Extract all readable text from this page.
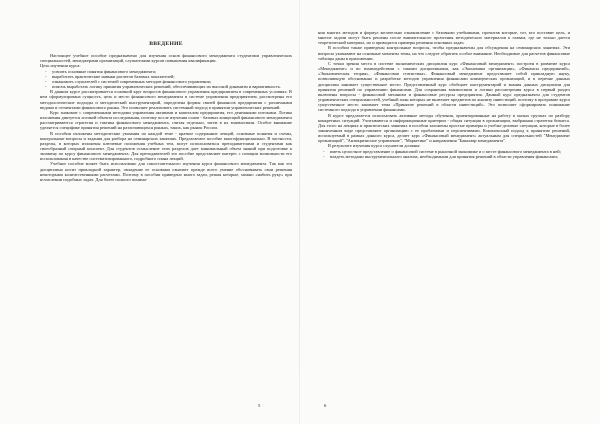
ВВЕДЕНИЕ

Настоящее учебное пособие предназначено для изучения основ финансового менеджмента студентами управленческих специальностей, менеджерами организаций, слушателями курсов повышения квалификации.

Цель изучения курса:

- усвоить основные понятия финансового менеджмента;
- выработать практические навыки расчетов базовых показателей;
- ознакомить слушателей с системой современных методов финансового управления;
- помочь выработать логику принятия управленческих решений, обеспечивающих их высокой динамизм и вариативность.

В данном курсе рассматривается основной круг вопросов финансового управления предприятием в современных условиях. В нем сформулирована сущность, цель и место финансового менеджмента в системе управления предприятием, рассмотрены его методологические подходы и методический инструментарий, определена формы связей финансов предприятия с различными видами и сегментами финансового рынка. Это позволяет реализовать системный подход в принятии управленческих решений.

Курс знакомит с современными методами управления активами и капиталом предприятия, его денежными потоками. Логика изложения диктуется логикой объекта исследования, поэтому после изучения основ - базовых концепций финансового менеджмента рассматриваются стратегия и тактика финансового менеджмента, считая отдельно, затем в их взаимосвязи. Особое внимание уделяется специфике принятия решений на различающихся рынках, таких, как рынок России.

В пособии изложены методические указания по каждой теме - краткое содержание лекций, основные понятия и схемы, контрольные вопросы и задания для разбора на семинарских занятиях. Предлагаемое пособие многофункционально. В частности, разделы, в которых изложены ключевые положения учебных тем, могут использоваться преподавателями и студентами как своеобразный опорный конспект. Для студентов осмысление этих разделов дает минимальный объем знаний при подготовке к экзамену по курсу финансового менеджмента. Для преподавателей это пособие представляет интерес с позиции возможности его использования в качестве систематизированного, подробного плана лекций.

Учебное пособие может быть использовано для самостоятельного изучения курса финансового менеджмента. Так как эта дисциплина носит прикладной характер, овладение ее основами означает прежде всего умение обосновывать свои решения некоторыми количественными расчетами. Поэтому в пособии приведено много задач, решая которые, можно «набить руку» при исчислении подобных задач. Для более полного понима-

5

ния многих методов и формул желательно ознакомление с базовыми учебниками, прочитав которые, тот, кто поставит цель, и многие задачи могут быть решены после внимательного прочтения методических материалов к главам, где не только дается теоретический материал, но и приводятся примеры решения основных задач.

В пособии также приведены контрольные вопросы, чтобы предназначены для обсуждения на семинарских занятиях. Эти вопросы указывают на основные моменты темы, на что следует обратить особое внимание. Необходимые для расчетов финансовые таблицы даны в приложении.

С точки зрения места в системе экономических дисциплин курс «Финансовый менеджмент» построен в развитие курса «Менеджмент» и во взаимодействии с такими дисциплинами, как «Экономика организации», «Финансы предприятий», «Экономическая теория», «Финансовая статистика». Финансовый менеджмент представляет собой прикладную науку, позволяющую обоснованно и разработке методов управления финансами коммерческих организаций, и в перечне данных дисциплин занимает существенное место. Представленный курс обобщает инструментарий и знания данных дисциплин для принятия решений по управлению финансами. Для сохранения взаимосвязи и логики рассмотрения курса в первый раздел включены вопросы - финансовой механизм и финансовые ресурсы предприятия. Данный курс предназначен для студентов управленческих специальностей, учебный план которых не включает предметов по анализу инвестиций, поэтому в программе курса существенное место занимает тема «Принятие решений в области инвестиций». Это позволяет сформировать понимание системного подхода в управлении финансами.

В курсе предлагается использовать активные методы обучения, ориентированные на работу в малых группах по разбору конкретных ситуаций. Учитываются и информационные критерии - общая ситуация в организации, выбранная стратегия бизнеса. Для этого на лекциях и практических занятиях в пособии заложены простые примеры и учебно-деловые ситуации, которые в более законченном виде представляют организацию с ее проблемами и перспективами. Комплексный подход к принятию решений, используемый в рамках данного курса, делает курс «Финансовый менеджмент» актуальным для специальностей "Менеджмент организаций", "Антикризисное управление", "Маркетинг" и направления "Бакалавр менеджмента".

В результате изучения курса слушатели должны:

- иметь целостное представление о финансовой системе в рыночной экономике и о месте финансового менеджмента в ней;
- владеть методами инструментального анализа, необходимыми для принятия решений в области управления финансами;
6
